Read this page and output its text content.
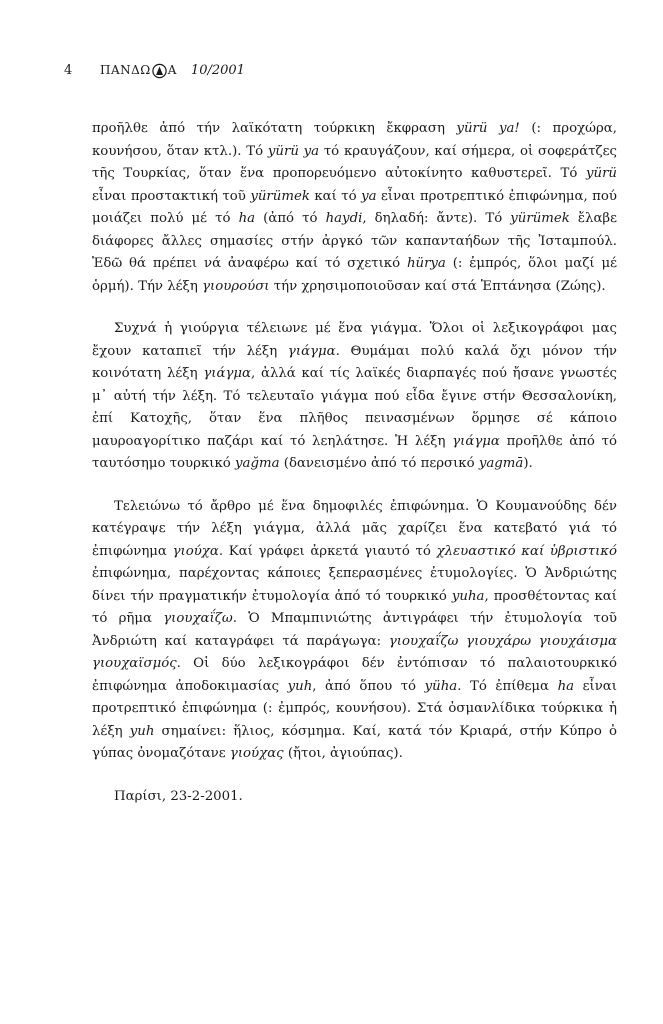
4	ΠΑΝΔΩ Α 10/2001

προῆλθε ἀπό τήν λαϊκότατη τούρκικη ἔκφραση yürü ya! (: προχώρα, κουνήσου, ὅταν κτλ.). Τό yürü ya τό κραυγάζουν, καί σήμερα, οἱ σοφεράτζες τῆς Τουρκίας, ὅταν ἕνα προπορευόμενο αὐτοκίνητο καθυστερεῖ. Τό yürü εἶναι προστακτική τοῦ yürümek καί τό ya εἶναι προτρεπτικό ἐπιφώνημα, πού μοιάζει πολύ μέ τό ha (ἀπό τό haydi, δηλαδή: ἄντε). Τό yürümek ἔλαβε διάφορες ἄλλες σημασίες στήν ἀργκό τῶν καπανταήδων τῆς Ἰσταμπούλ. Ἐδῶ θά πρέπει νά ἀναφέρω καί τό σχετικό hürya (: ἐμπρός, ὅλοι μαζί μέ ὁρμή). Τήν λέξη γιουρούσι τήν χρησιμοποιοῦσαν καί στά Ἑπτάνησα (Ζώης).

Συχνά ἡ γιούργια τέλειωνε μέ ἕνα γιάγμα. Ὅλοι οἱ λεξικογράφοι μας ἔχουν καταπιεῖ τήν λέξη γιάγμα. Θυμάμαι πολύ καλά ὄχι μόνον τήν κοινότατη λέξη γιάγμα, ἀλλά καί τίς λαϊκές διαρπαγές πού ἤσανε γνωστές μ᾽ αὐτή τήν λέξη. Τό τελευταῖο γιάγμα πού εἶδα ἔγινε στήν Θεσσαλονίκη, ἐπί Κατοχῆς, ὅταν ἕνα πλῆθος πεινασμένων ὅρμησε σέ κάποιο μαυροαγορίτικο παζάρι καί τό λεηλάτησε. Ἡ λέξη γιάγμα προῆλθε ἀπό τό ταυτόσημο τουρκικό yağma (δανεισμένο ἀπό τό περσικό yagmā).

Τελειώνω τό ἄρθρο μέ ἕνα δημοφιλές ἐπιφώνημα. Ὁ Κουμανούδης δέν κατέγραψε τήν λέξη γιάγμα, ἀλλά μᾶς χαρίζει ἕνα κατεβατό γιά τό ἐπιφώνημα γιούχα. Καί γράφει ἀρκετά γιαυτό τό χλευαστικό καί ὑβριστικό ἐπιφώνημα, παρέχοντας κάποιες ξεπερασμένες ἐτυμολογίες. Ὁ Ἀνδριώτης δίνει τήν πραγματικήν ἐτυμολογία ἀπό τό τουρκικό yuha, προσθέτοντας καί τό ρῆμα γιουχαΐζω. Ὁ Μπαμπινιώτης ἀντιγράφει τήν ἐτυμολογία τοῦ Ἀνδριώτη καί καταγράφει τά παράγωγα: γιουχαΐζω γιουχάρω γιουχάισμα γιουχαϊσμός. Οἱ δύο λεξικογράφοι δέν ἐντόπισαν τό παλαιοτουρκικό ἐπιφώνημα ἀποδοκιμασίας yuh, ἀπό ὅπου τό yüha. Τό ἐπίθεμα ha εἶναι προτρεπτικό ἐπιφώνημα (: ἐμπρός, κουνήσου). Στά ὀσμανλίδικα τούρκικα ἡ λέξη yuh σημαίνει: ἥλιος, κόσμημα. Καί, κατά τόν Κριαρά, στήν Κύπρο ὁ γύπας ὀνομαζότανε γιούχας (ἤτοι, ἀγιούπας).

Παρίσι, 23-2-2001.
